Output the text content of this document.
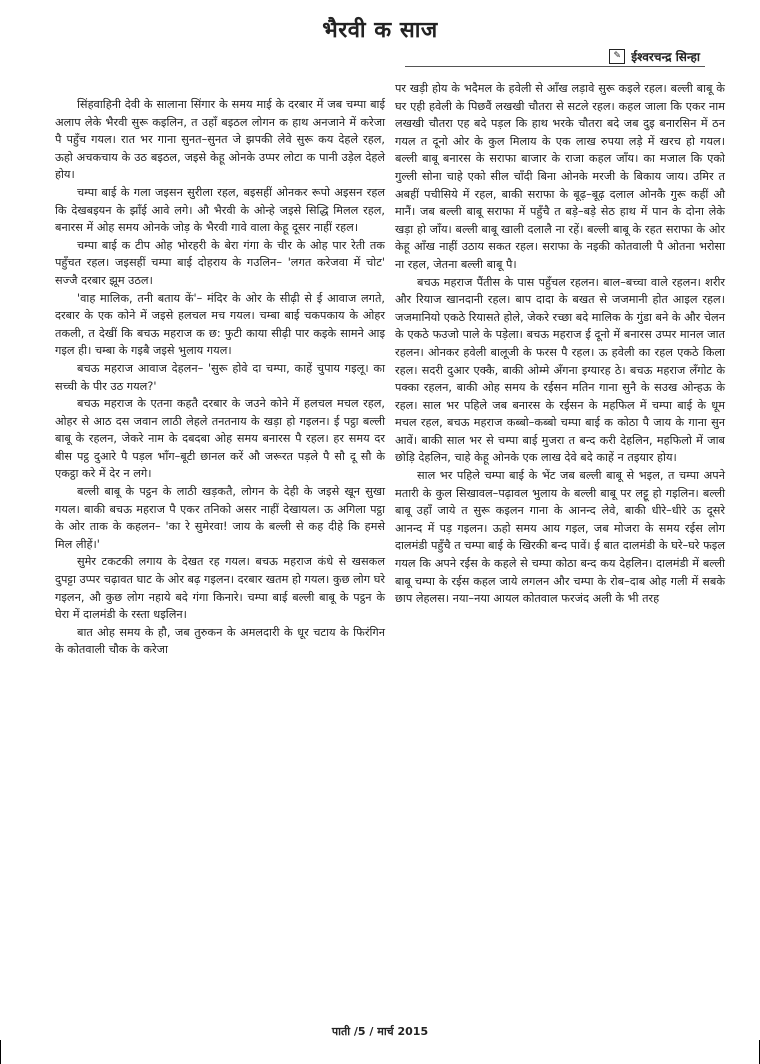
भैरवी क साज
✎ ईश्वरचन्द्र सिन्हा

सिंहवाहिनी देवी के सालाना सिंगार के समय माई के दरबार में जब चम्पा बाई अलाप लेके भैरवी सुरू कइलिन, त उहाँ बइठल लोगन क हाथ अनजाने में करेजा पै पहुँच गयल। रात भर गाना सुनत–सुनत जे झपकी लेवे सुरू कय देहले रहल, ऊहो अचकचाय के उठ बइठल, जइसे केहू ओनके उप्पर लोटा क पानी उड़ेल देहले होय।

चम्पा बाई के गला जइसन सुरीला रहल, बइसहीं ओनकर रूपो अइसन रहल कि देखबइयन के झाँई आवे लगे। औ भैरवी के ओन्हे जइसे सिद्धि मिलल रहल, बनारस में ओह समय ओनके जोड़ के भैरवी गावे वाला केहू दूसर नाहीं रहल।

चम्पा बाई क टीप ओह भोरहरी के बेरा गंगा के चीर के ओह पार रेती तक पहुँचत रहल। जइसहीं चम्पा बाई दोहराय के गउलिन– 'लगत करेजवा में चोट' सज्जै दरबार झूम उठल।

'वाह मालिक, तनी बताय कें'– मंदिर के ओर के सीढ़ी से ई आवाज लगते, दरबार के एक कोने में जइसे हलचल मच गयल। चम्बा बाई चकपकाय के ओहर तकली, त देखीं कि बचऊ महराज क छ: फुटी काया सीढ़ी पार कइके सामने आइ गइल ही। चम्बा के गइबै जइसे भुलाय गयल।

बचऊ महराज आवाज देहलन– 'सुरू होवे दा चम्पा, काहें चुपाय गइलू। का सच्ची के पीर उठ गयल?'

बचऊ महराज के एतना कहतै दरबार के जउने कोने में हलचल मचल रहल, ओहर से आठ दस जवान लाठी लेहले तनतनाय के खड़ा हो गइलन। ई पट्ठा बल्ली बाबू के रहलन, जेकरे नाम के दबदबा ओह समय बनारस पै रहल। हर समय दर बीस पट्ठ दुआरे पै पड़ल भाँग–बूटी छानल करें औ जरूरत पड़ले पै सौ दू सौ के एकट्ठा करे में देर न लगे।

बल्ली बाबू के पट्ठन के लाठी खड़कतै, लोगन के देही के जइसे खून सुखा गयल। बाकी बचऊ महराज पै एकर तनिको असर नाहीं देखायल। ऊ अगिला पट्ठा के ओर ताक के कहलन– 'का रे सुमेरवा! जाय के बल्ली से कह दीहे कि हमसे मिल लीहें।'

सुमेर टकटकी लगाय के देखत रह गयल। बचऊ महराज कंधे से खसकल दुपट्टा उप्पर चढ़ावत घाट के ओर बढ़ गइलन। दरबार खतम हो गयल। कुछ लोग घरे गइलन, औ कुछ लोग नहाये बदे गंगा किनारे। चम्पा बाई बल्ली बाबू के पट्ठन के घेरा में दालमंडी के रस्ता धइलिन।

बात ओह समय के हौ, जब तुरुकन के अमलदारी के धूर चटाय के फिरंगिन के कोतवाली चौक के करेजा

पर खड़ी होय के भदैमल के हवेली से आँख लड़ावे सुरू कइले रहल। बल्ली बाबू के घर एही हवेली के पिछवैं लखखी चौतरा से सटले रहल। कहल जाला कि एकर नाम लखखी चौतरा एह बदे पड़ल कि हाथ भरके चौतरा बदे जब दुइ बनारसिन में ठन गयल त दूनो ओर के कुल मिलाय के एक लाख रुपया लड़े में खरच हो गयल। बल्ली बाबू बनारस के सराफा बाजार के राजा कहल जाँय। का मजाल कि एको गुल्ली सोना चाहे एको सील चाँदी बिना ओनके मरजी के बिकाय जाय। उमिर त अबहीं पचीसिये में रहल, बाकी सराफा के बूढ़–बूढ़ दलाल ओनकै गुरू कहीं औ मानैं। जब बल्ली बाबू सराफा में पहुँचै त बड़े–बड़े सेठ हाथ में पान के दोना लेके खड़ा हो जाँय। बल्ली बाबू खाली दलालै ना रहें। बल्ली बाबू के रहत सराफा के ओर केहू आँख नाहीं उठाय सकत रहल। सराफा के नइकी कोतवाली पै ओतना भरोसा ना रहल, जेतना बल्ली बाबू पै।

बचऊ महराज पैंतीस के पास पहुँचल रहलन। बाल–बच्चा वाले रहलन। शरीर और रियाज खानदानी रहल। बाप दादा के बखत से जजमानी होत आइल रहल। जजमानियो एकठे रियासते होले, जेकरे रच्छा बदे मालिक के गुंडा बने के और चेलन के एकठे फउजो पाले के पड़ेला। बचऊ महराज ई दूनो में बनारस उप्पर मानल जात रहलन। ओनकर हवेली बालूजी के फरस पै रहल। ऊ हवेली का रहल एकठे किला रहल। सदरी दुआर एक्कै, बाकी ओम्मे अँगना इग्यारह ठे। बचऊ महराज लँगोट के पक्का रहलन, बाकी ओह समय के रईसन मतिन गाना सुनै के सउख ओन्हऊ के रहल। साल भर पहिले जब बनारस के रईसन के महफिल में चम्पा बाई के धूम मचल रहल, बचऊ महराज कब्बो–कब्बो चम्पा बाई क कोठा पै जाय के गाना सुन आवें। बाकी साल भर से चम्पा बाई मुजरा त बन्द करी देहलिन, महफिलो में जाब छोड़ि देहलिन, चाहे केहू ओनके एक लाख देवे बदे काहें न तइयार होय।

साल भर पहिले चम्पा बाई के भेंट जब बल्ली बाबू से भइल, त चम्पा अपने मतारी के कुल सिखावल–पढ़ावल भुलाय के बल्ली बाबू पर लट्टू हो गइलिन। बल्ली बाबू उहाँ जाये त सुरू कइलन गाना के आनन्द लेवे, बाकी धीरे–धीरे ऊ दूसरे आनन्द में पड़ गइलन। ऊहो समय आय गइल, जब मोजरा के समय रईस लोग दालमंडी पहुँचै त चम्पा बाई के खिरकी बन्द पावें। ई बात दालमंडी के घरे–घरे फइल गयल कि अपने रईस के कहले से चम्पा कोठा बन्द कय देहलिन। दालमंडी में बल्ली बाबू चम्पा के रईस कहल जाये लगलन और चम्पा के रोब–दाब ओह गली में सबके छाप लेहलस। नया–नया आयल कोतवाल फरजंद अली के भी तरह

पाती /5 / मार्च 2015
